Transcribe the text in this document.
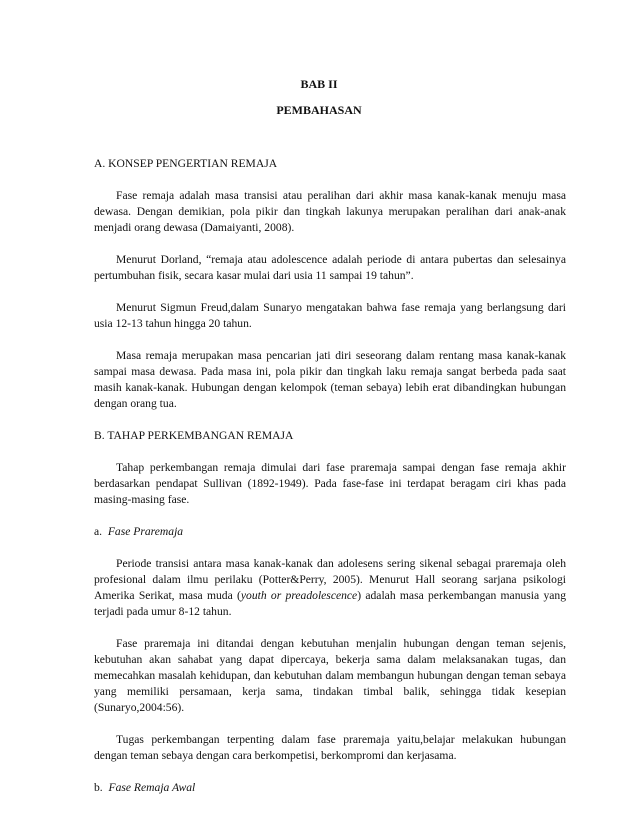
BAB II
PEMBAHASAN
A. KONSEP PENGERTIAN REMAJA

Fase remaja adalah masa transisi atau peralihan dari akhir masa kanak-kanak menuju masa dewasa. Dengan demikian, pola pikir dan tingkah lakunya merupakan peralihan dari anak-anak menjadi orang dewasa (Damaiyanti, 2008).

Menurut Dorland, “remaja atau adolescence adalah periode di antara pubertas dan selesainya pertumbuhan fisik, secara kasar mulai dari usia 11 sampai 19 tahun”.

Menurut Sigmun Freud,dalam Sunaryo mengatakan bahwa fase remaja yang berlangsung dari usia 12-13 tahun hingga 20 tahun.

Masa remaja merupakan masa pencarian jati diri seseorang dalam rentang masa kanak-kanak sampai masa dewasa. Pada masa ini, pola pikir dan tingkah laku remaja sangat berbeda pada saat masih kanak-kanak. Hubungan dengan kelompok (teman sebaya) lebih erat dibandingkan hubungan dengan orang tua.

B. TAHAP PERKEMBANGAN REMAJA

Tahap perkembangan remaja dimulai dari fase praremaja sampai dengan fase remaja akhir berdasarkan pendapat Sullivan (1892-1949). Pada fase-fase ini terdapat beragam ciri khas pada masing-masing fase.

a. Fase Praremaja

Periode transisi antara masa kanak-kanak dan adolesens sering sikenal sebagai praremaja oleh profesional dalam ilmu perilaku (Potter&Perry, 2005). Menurut Hall seorang sarjana psikologi Amerika Serikat, masa muda (youth or preadolescence) adalah masa perkembangan manusia yang terjadi pada umur 8-12 tahun.

Fase praremaja ini ditandai dengan kebutuhan menjalin hubungan dengan teman sejenis, kebutuhan akan sahabat yang dapat dipercaya, bekerja sama dalam melaksanakan tugas, dan memecahkan masalah kehidupan, dan kebutuhan dalam membangun hubungan dengan teman sebaya yang memiliki persamaan, kerja sama, tindakan timbal balik, sehingga tidak kesepian (Sunaryo,2004:56).

Tugas perkembangan terpenting dalam fase praremaja yaitu,belajar melakukan hubungan dengan teman sebaya dengan cara berkompetisi, berkompromi dan kerjasama.

b. Fase Remaja Awal
